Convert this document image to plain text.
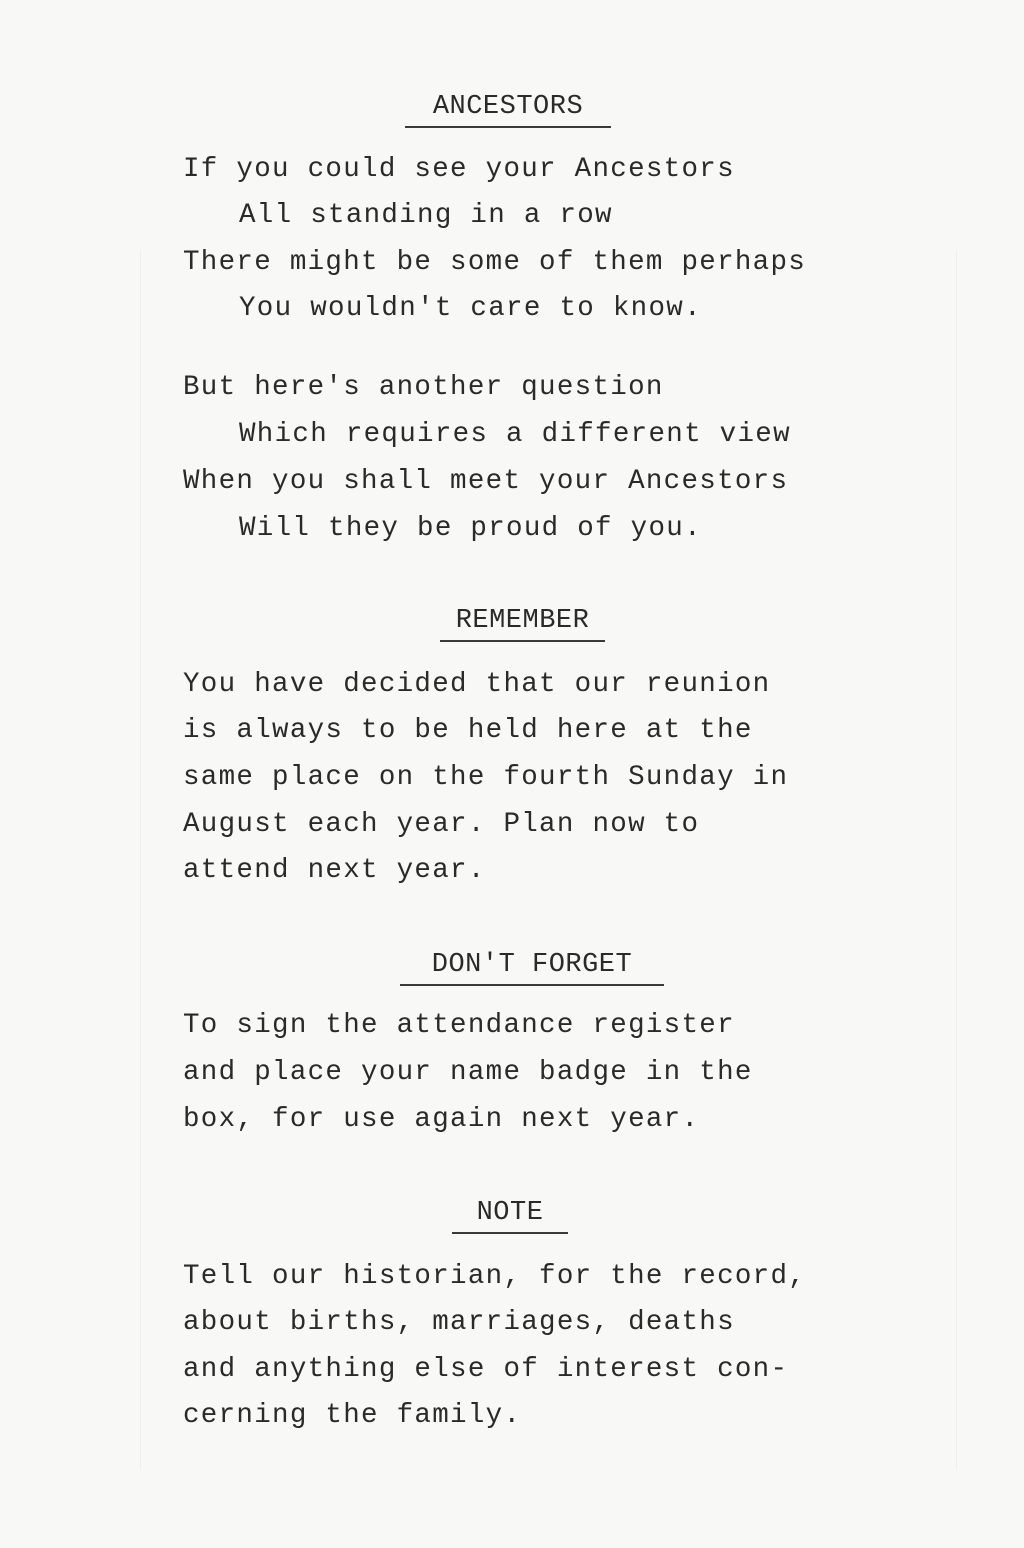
ANCESTORS
If you could see your Ancestors
All standing in a row
There might be some of them perhaps
You wouldn't care to know.
But here's another question
Which requires a different view
When you shall meet your Ancestors
Will they be proud of you.
REMEMBER
You have decided that our reunion
is always to be held here at the
same place on the fourth Sunday in
August each year. Plan now to
attend next year.
DON'T FORGET
To sign the attendance register
and place your name badge in the
box, for use again next year.
NOTE
Tell our historian, for the record,
about births, marriages, deaths
and anything else of interest con-
cerning the family.
